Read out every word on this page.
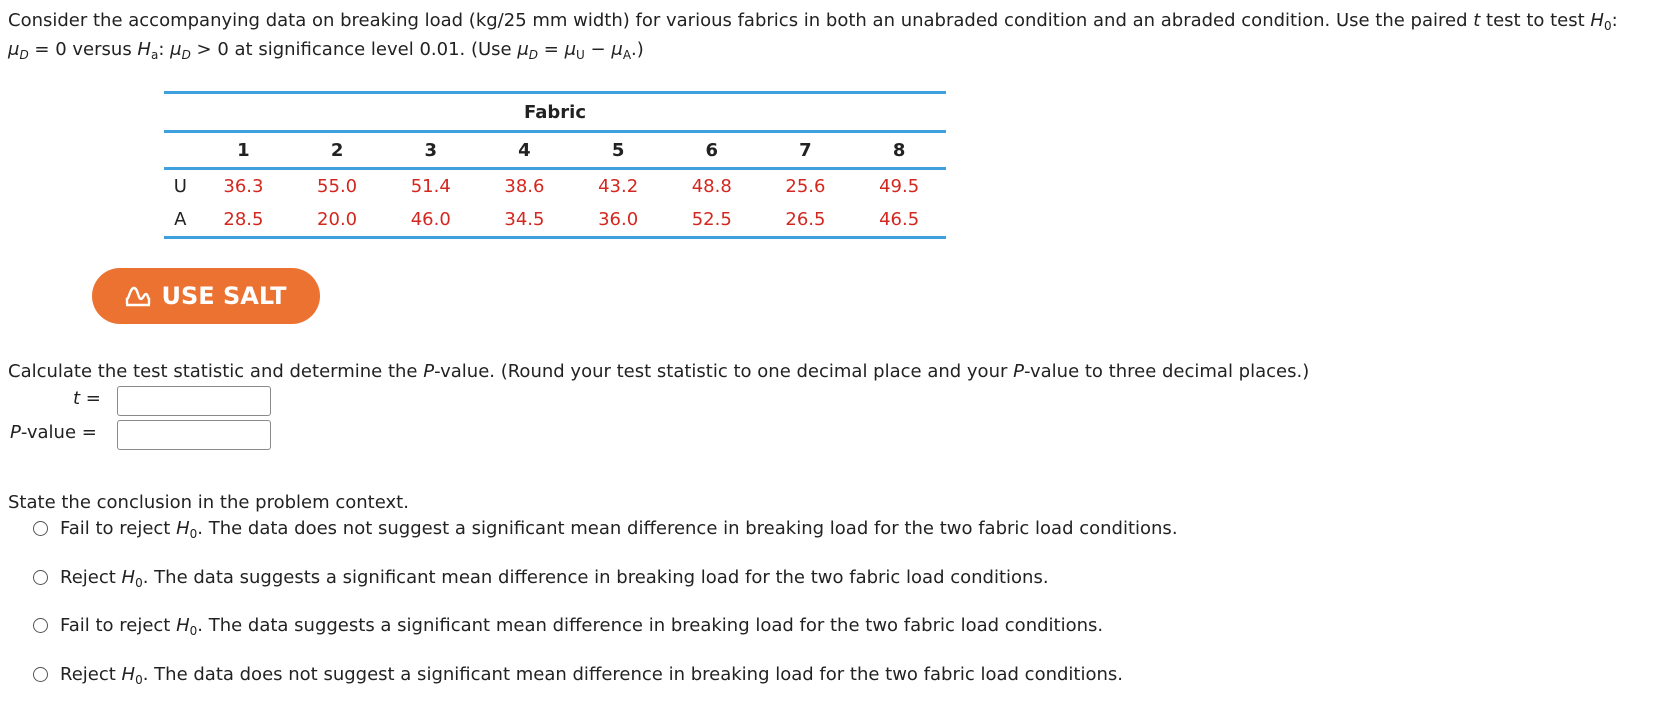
Consider the accompanying data on breaking load (kg/25 mm width) for various fabrics in both an unabraded condition and an abraded condition. Use the paired t test to test $H_0$: $\mu_D = 0$ versus $H_a$: $\mu_D > 0$ at significance level 0.01. (Use $\mu_D = \mu_U - \mu_A$.)
Fabric								
	1	2	3	4	5	6	7	8
U	36.3	55.0	51.4	38.6	43.2	48.8	25.6	49.5
A	28.5	20.0	46.0	34.5	36.0	52.5	26.5	46.5
USE SALT
Calculate the test statistic and determine the P-value. (Round your test statistic to one decimal place and your P-value to three decimal places.)
t =
P-value =
State the conclusion in the problem context.
Fail to reject $H_0$. The data does not suggest a significant mean difference in breaking load for the two fabric load conditions.
Reject $H_0$. The data suggests a significant mean difference in breaking load for the two fabric load conditions.
Fail to reject $H_0$. The data suggests a significant mean difference in breaking load for the two fabric load conditions.
Reject $H_0$. The data does not suggest a significant mean difference in breaking load for the two fabric load conditions.
